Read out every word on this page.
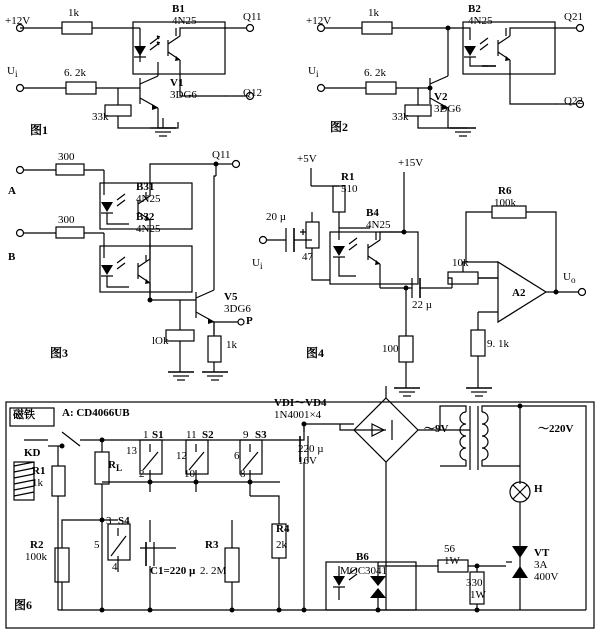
+12V
1k	B1
4N25	Q11
$U_i$	6. 2k
V1
3DG6
33k
Q12
图1
+12V
1k	B2
4N25	Q21
$U_i$	6. 2k
V2
3DG6
33k
Q22
图2
300
B31
4N25
Q11
A
300	B32
4N25
B
V5
3DG6
lOk
P
1k
图3
+5V
R1
510
+15V
20 µ
47
B4
4N25
$U_i$
R6
100k
10k
22 µ
A2
$U_o$
100	9. 1k
图4
磁铁 A: CD4066UB
KD
R1
1k
$R_L$
1 S1 11 S2	9 S3
13	12	6
2	10	8
3 S4
5
4
R2
100k
C1=220 µ
R3
2. 2M
R4
2k
220 µ
16V
VDI～VD4
1N4001×4
～9V	～220V
H
B6
MOC3041
56
1W
330
1W
VT
3A
400V
图6
